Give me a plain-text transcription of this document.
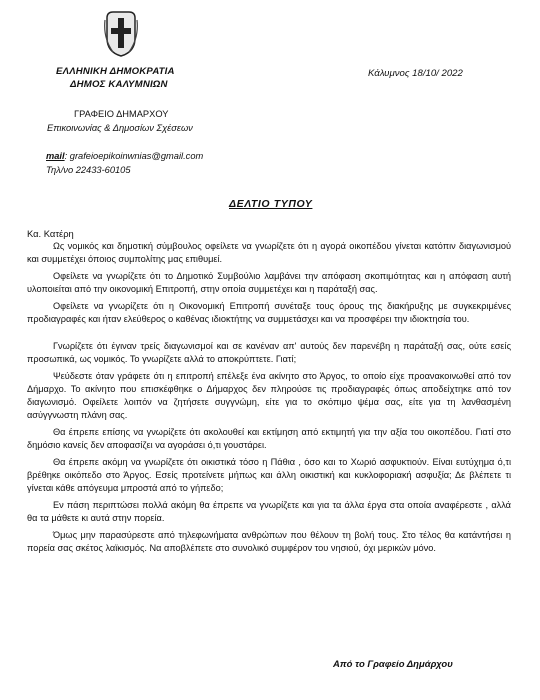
ΕΛΛΗΝΙΚΗ ΔΗΜΟΚΡΑΤΙΑ
ΔΗΜΟΣ ΚΑΛΥΜΝΙΩΝ
Κάλυμνος 18/10/ 2022
ΓΡΑΦΕΙΟ ΔΗΜΑΡΧΟΥ
Επικοινωνίας & Δημοσίων Σχέσεων
mail: grafeioepikoinwnias@gmail.com
Τηλ/νο 22433-60105
ΔΕΛΤΙΟ ΤΥΠΟΥ
Κα. Κατέρη

Ως νομικός και δημοτική σύμβουλος οφείλετε να γνωρίζετε ότι η αγορά οικοπέδου γίνεται κατόπιν διαγωνισμού και συμμετέχει όποιος συμπολίτης μας επιθυμεί.

Οφείλετε να γνωρίζετε ότι το Δημοτικό Συμβούλιο λαμβάνει την απόφαση σκοπιμότητας και η απόφαση αυτή υλοποιείται από την οικονομική Επιτροπή, στην οποία συμμετέχει και η παράταξή σας.

Οφείλετε να γνωρίζετε ότι η Οικονομική Επιτροπή συνέταξε τους όρους της διακήρυξης με συγκεκριμένες προδιαγραφές και ήταν ελεύθερος ο καθένας ιδιοκτήτης να συμμετάσχει και να προσφέρει την ιδιοκτησία του.

Γνωρίζετε ότι έγιναν τρείς διαγωνισμοί και σε κανέναν απ' αυτούς δεν παρενέβη η παράταξή σας, ούτε εσείς προσωπικά, ως νομικός. Το γνωρίζετε αλλά το αποκρύπτετε. Γιατί;

Ψεύδεστε όταν γράφετε ότι η επιτροπή επέλεξε ένα ακίνητο στο Άργος, το οποίο είχε προανακοινωθεί από τον Δήμαρχο. Το ακίνητο που επισκέφθηκε ο Δήμαρχος δεν πληρούσε τις προδιαγραφές όπως αποδείχτηκε από τον διαγωνισμό. Οφείλετε λοιπόν να ζητήσετε συγγνώμη, είτε για το σκόπιμο ψέμα σας, είτε για τη λανθασμένη ασύγγνωστη πλάνη σας.

Θα έπρεπε επίσης να γνωρίζετε ότι ακολουθεί και εκτίμηση από εκτιμητή για την αξία του οικοπέδου. Γιατί στο δημόσιο κανείς δεν αποφασίζει να αγοράσει ό,τι γουστάρει.

Θα έπρεπε ακόμη να γνωρίζετε ότι οικιστικά τόσο η Πάθια , όσο και το Χωριό ασφυκτιούν. Είναι ευτύχημα ό,τι βρέθηκε οικόπεδο στο Άργος. Εσείς προτείνετε μήπως και άλλη οικιστική και κυκλοφοριακή ασφυξία; Δε βλέπετε τι γίνεται κάθε απόγευμα μπροστά από το γήπεδο;

Εν πάση περιπτώσει πολλά ακόμη θα έπρεπε να γνωρίζετε και για τα άλλα έργα στα οποία αναφέρεστε , αλλά θα τα μάθετε κι αυτά στην πορεία.

Όμως μην παρασύρεστε από τηλεφωνήματα ανθρώπων που θέλουν τη βολή τους. Στο τέλος θα κατάντήσει η πορεία σας σκέτος λαϊκισμός. Να αποβλέπετε στο συνολικό συμφέρον του νησιού, όχι μερικών μόνο.

Από το Γραφείο Δημάρχου
